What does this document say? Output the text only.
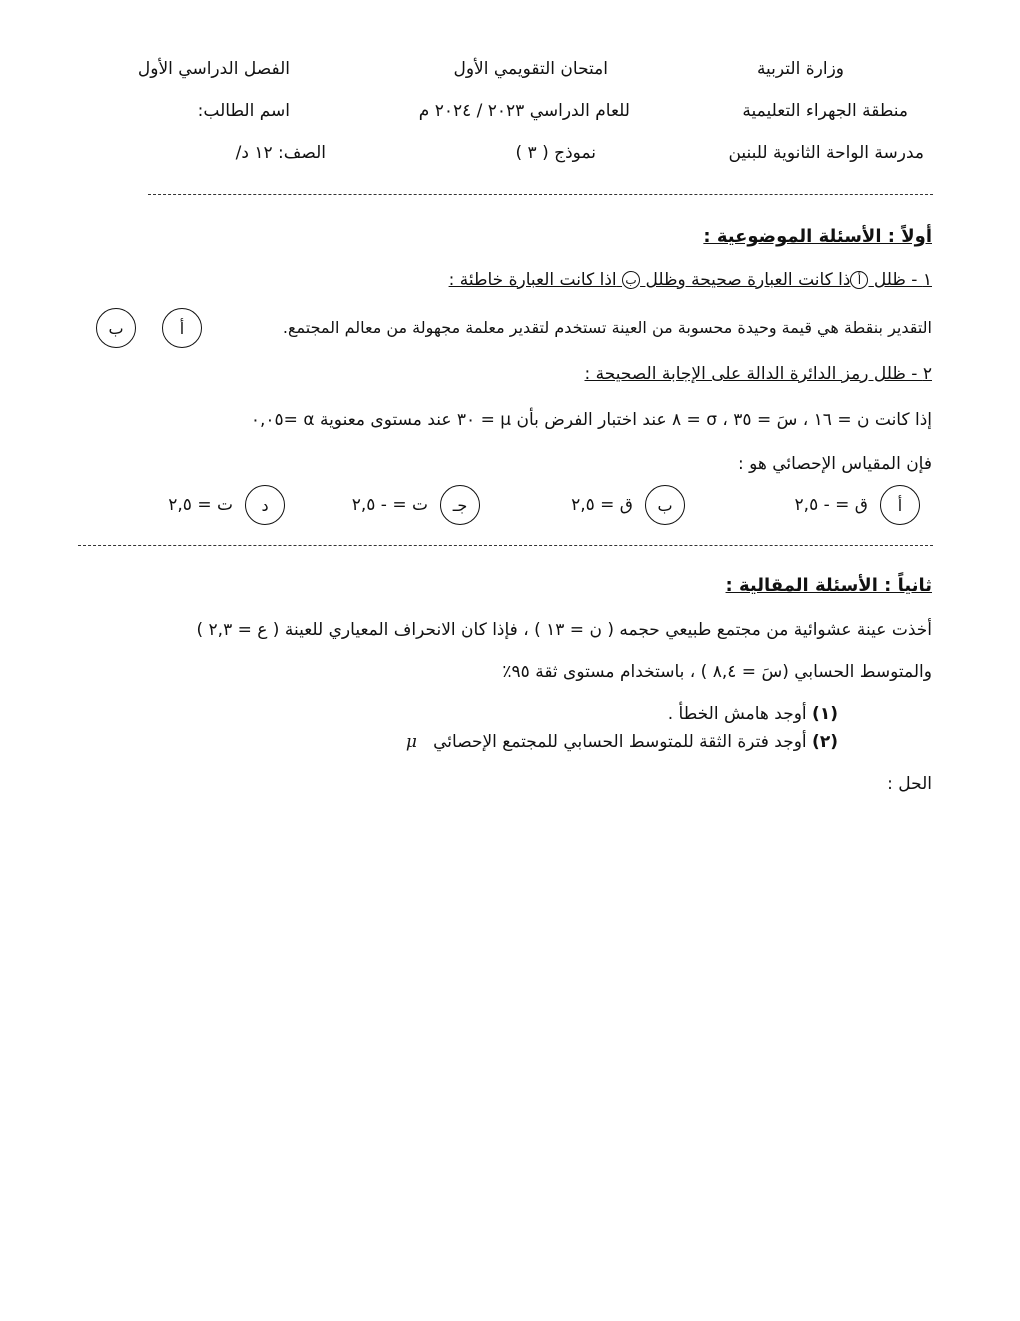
وزارة التربية
منطقة الجهراء التعليمية
مدرسة الواحة الثانوية للبنين
امتحان التقويمي الأول
للعام الدراسي ٢٠٢٣ / ٢٠٢٤ م
نموذج ( ٣ )
الفصل الدراسي الأول
اسم الطالب:
الصف: ١٢ د/
أولاً : الأسئلة الموضوعية :
١ - ظلل أذا كانت العبارة صحيحة وظلل ب اذا كانت العبارة خاطئة :
التقدير بنقطة هي قيمة وحيدة محسوبة من العينة تستخدم لتقدير معلمة مجهولة من معالم المجتمع.
أ
ب
٢ - ظلل رمز الدائرة الدالة على الإجابة الصحيحة :
إذا كانت ن = ١٦ ، سَ = ٣٥ ، σ = ٨ عند اختبار الفرض بأن μ = ٣٠ عند مستوى معنوية α =٠,٠٥
فإن المقياس الإحصائي هو :
أ
ق = - ٢,٥
ب
ق = ٢,٥
جـ
ت = - ٢,٥
د
ت = ٢,٥
ثانياً : الأسئلة المقالية :
أخذت عينة عشوائية من مجتمع طبيعي حجمه ( ن = ١٣ ) ، فإذا كان الانحراف المعياري للعينة ( ع = ٢,٣ )
والمتوسط الحسابي (سَ = ٨,٤ ) ، باستخدام مستوى ثقة ٩٥٪
(١) أوجد هامش الخطأ .
(٢) أوجد فترة الثقة للمتوسط الحسابي للمجتمع الإحصائي   μ
الحل :
